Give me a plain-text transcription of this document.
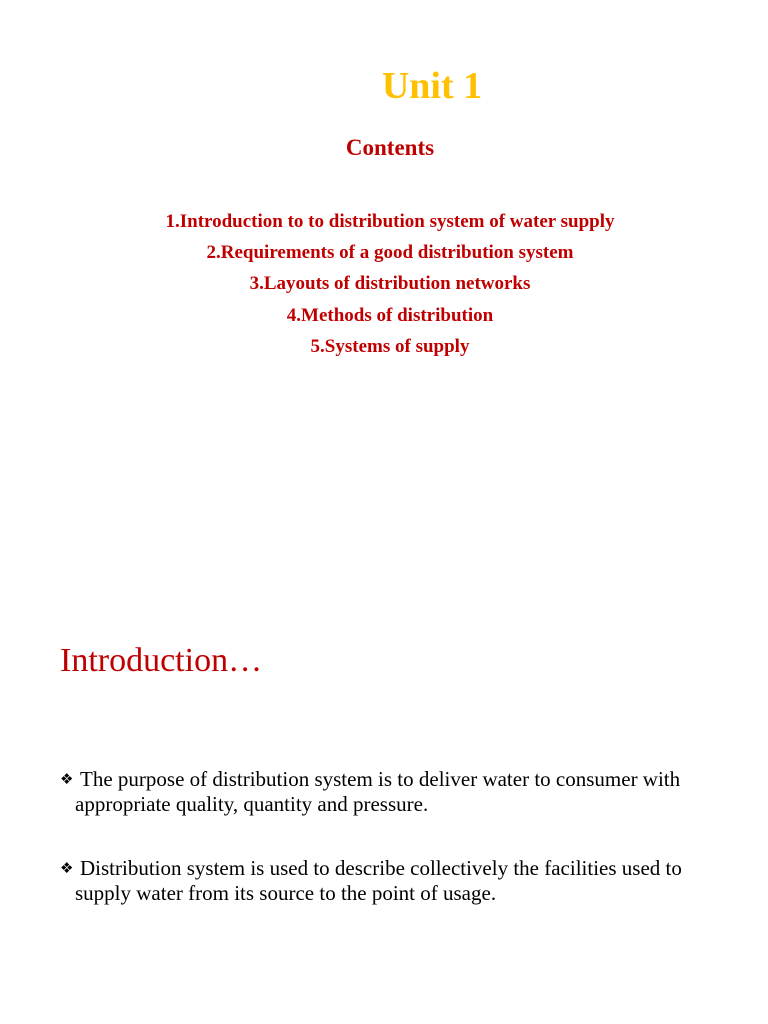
Unit 1
Contents
1.Introduction to to distribution system of water supply
2.Requirements of a good distribution system
3.Layouts of distribution networks
4.Methods of distribution
5.Systems of supply
Introduction…
❖ The purpose of distribution system is to deliver water to consumer with appropriate quality, quantity and pressure.
❖ Distribution system is used to describe collectively the facilities used to supply water from its source to the point of usage.
